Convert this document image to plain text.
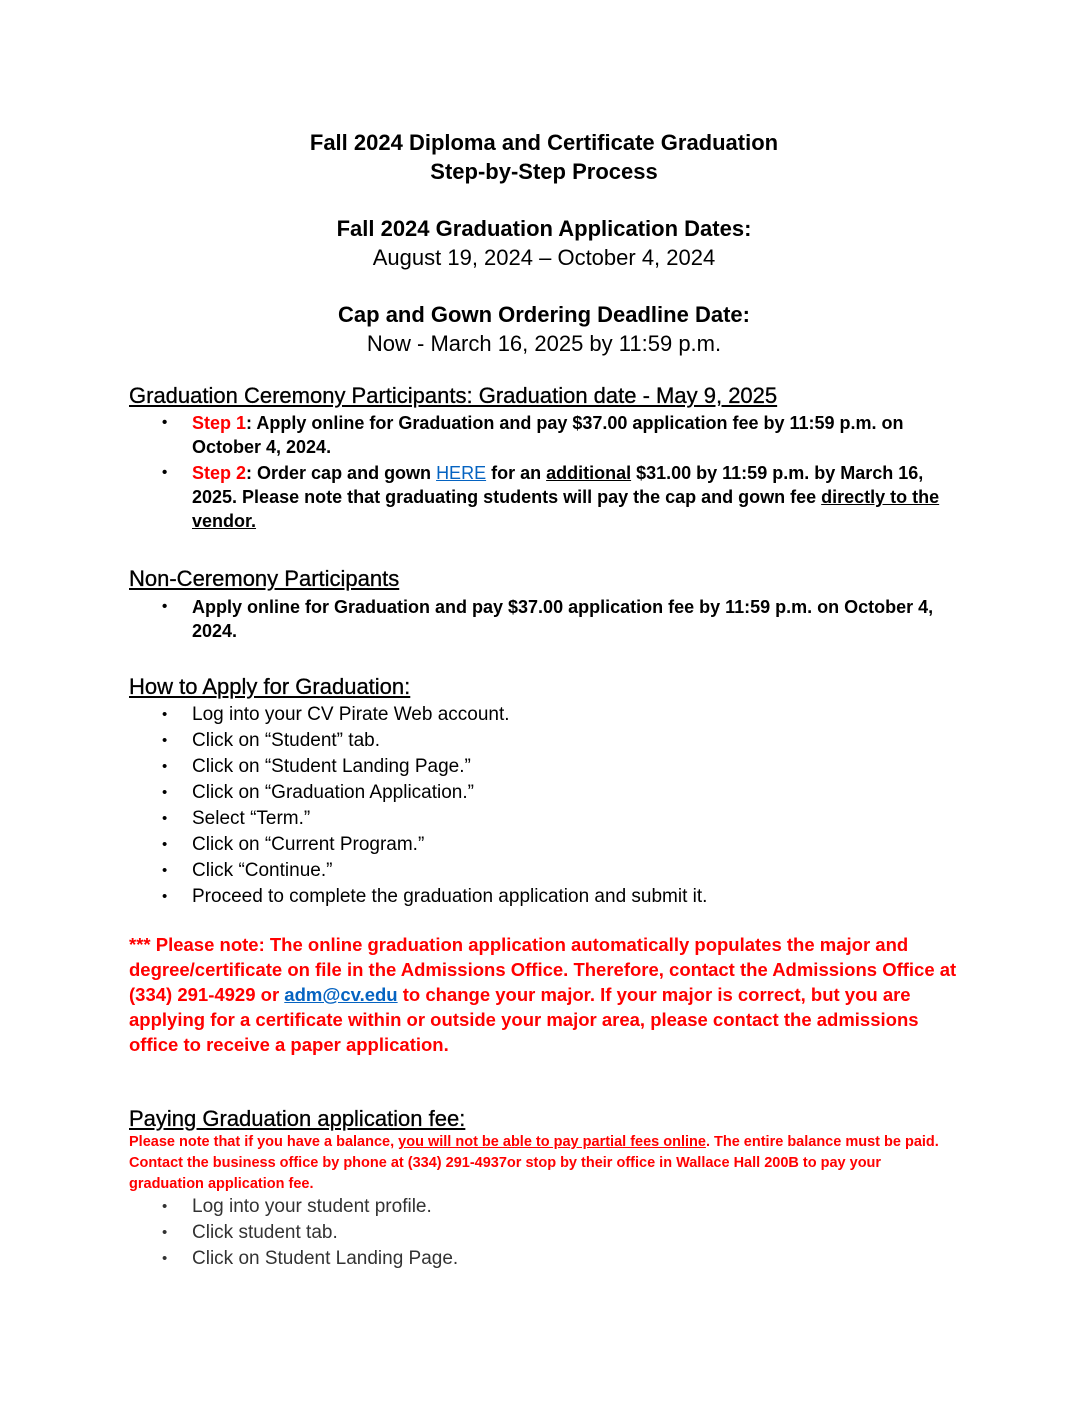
Fall 2024 Diploma and Certificate Graduation
Step-by-Step Process
Fall 2024 Graduation Application Dates:
August 19, 2024 – October 4, 2024
Cap and Gown Ordering Deadline Date:
Now - March 16, 2025 by 11:59 p.m.
Graduation Ceremony Participants: Graduation date - May 9, 2025
• Step 1: Apply online for Graduation and pay $37.00 application fee by 11:59 p.m. on October 4, 2024.
• Step 2: Order cap and gown HERE for an additional $31.00 by 11:59 p.m. by March 16, 2025. Please note that graduating students will pay the cap and gown fee directly to the vendor.
Non-Ceremony Participants
• Apply online for Graduation and pay $37.00 application fee by 11:59 p.m. on October 4, 2024.
How to Apply for Graduation:
• Log into your CV Pirate Web account.
• Click on “Student” tab.
• Click on “Student Landing Page.”
• Click on “Graduation Application.”
• Select “Term.”
• Click on “Current Program.”
• Click “Continue.”
• Proceed to complete the graduation application and submit it.
*** Please note: The online graduation application automatically populates the major and degree/certificate on file in the Admissions Office. Therefore, contact the Admissions Office at (334) 291-4929 or adm@cv.edu to change your major. If your major is correct, but you are applying for a certificate within or outside your major area, please contact the admissions office to receive a paper application.
Paying Graduation application fee:
Please note that if you have a balance, you will not be able to pay partial fees online. The entire balance must be paid. Contact the business office by phone at (334) 291-4937or stop by their office in Wallace Hall 200B to pay your graduation application fee.
• Log into your student profile.
• Click student tab.
• Click on Student Landing Page.
